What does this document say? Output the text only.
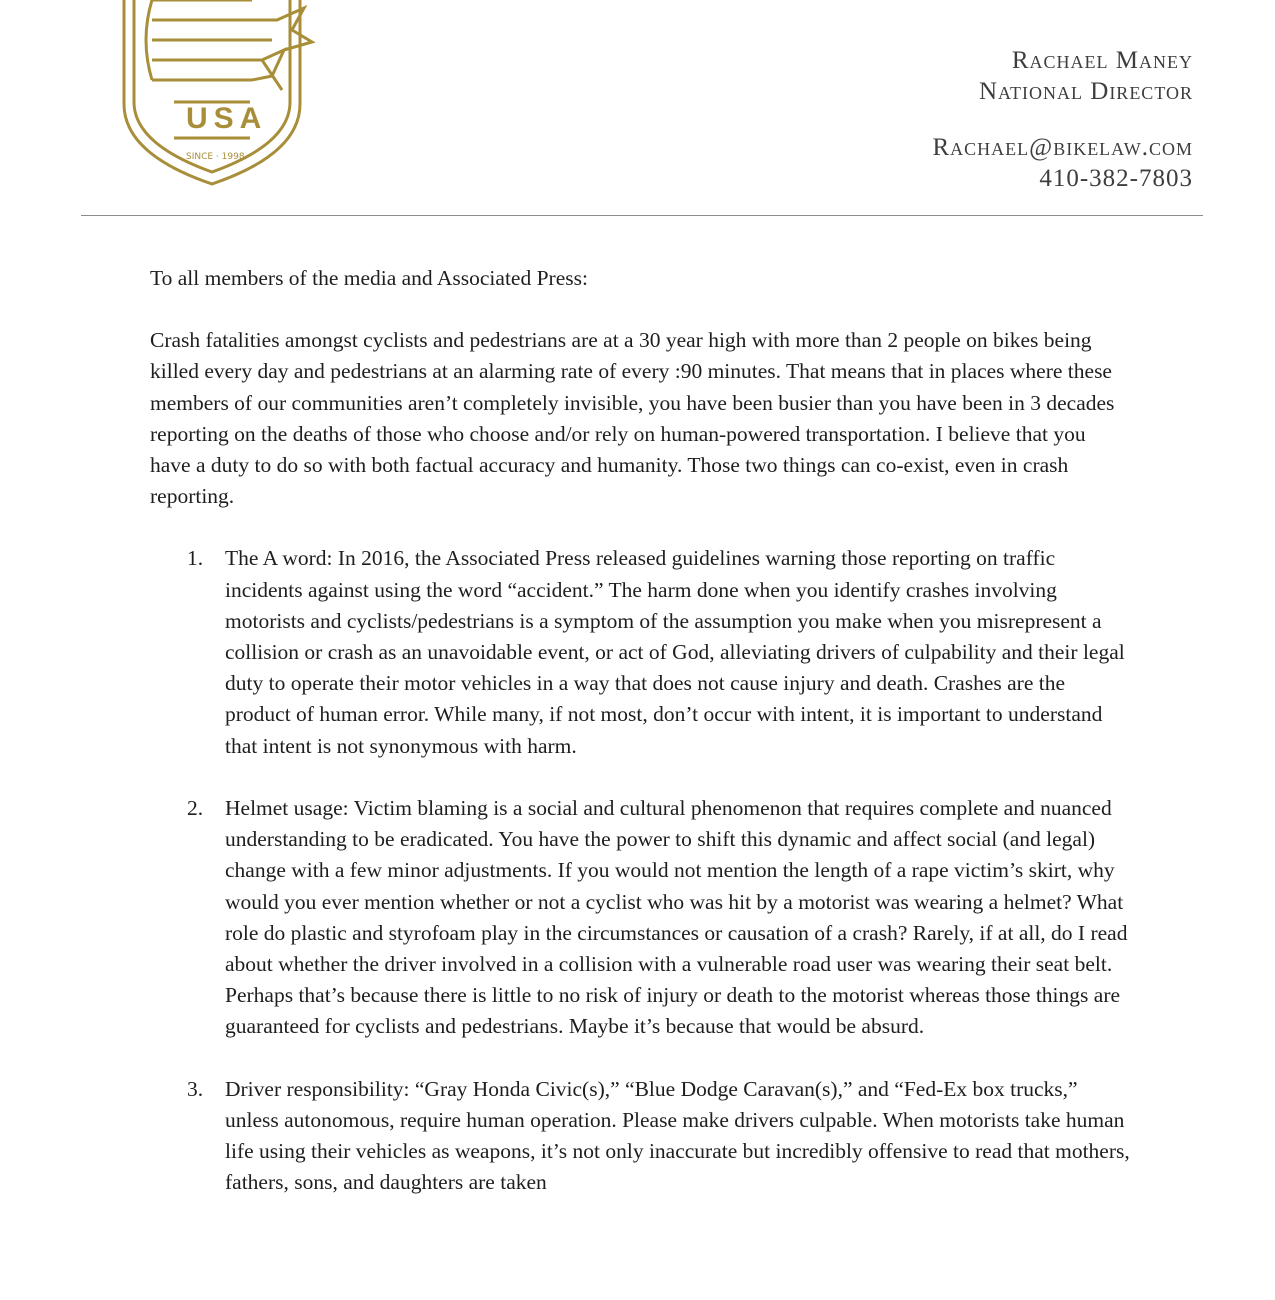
USA
SINCE · 1998
Rachael Maney
National Director
Rachael@bikelaw.com
410-382-7803

To all members of the media and Associated Press:

Crash fatalities amongst cyclists and pedestrians are at a 30 year high with more than 2 people on bikes being killed every day and pedestrians at an alarming rate of every :90 minutes. That means that in places where these members of our communities aren’t completely invisible, you have been busier than you have been in 3 decades reporting on the deaths of those who choose and/or rely on human-powered transportation. I believe that you have a duty to do so with both factual accuracy and humanity. Those two things can co-exist, even in crash reporting.

1. The A word: In 2016, the Associated Press released guidelines warning those reporting on traffic incidents against using the word “accident.” The harm done when you identify crashes involving motorists and cyclists/pedestrians is a symptom of the assumption you make when you misrepresent a collision or crash as an unavoidable event, or act of God, alleviating drivers of culpability and their legal duty to operate their motor vehicles in a way that does not cause injury and death. Crashes are the product of human error. While many, if not most, don’t occur with intent, it is important to understand that intent is not synonymous with harm.
2. Helmet usage: Victim blaming is a social and cultural phenomenon that requires complete and nuanced understanding to be eradicated. You have the power to shift this dynamic and affect social (and legal) change with a few minor adjustments. If you would not mention the length of a rape victim’s skirt, why would you ever mention whether or not a cyclist who was hit by a motorist was wearing a helmet? What role do plastic and styrofoam play in the circumstances or causation of a crash? Rarely, if at all, do I read about whether the driver involved in a collision with a vulnerable road user was wearing their seat belt. Perhaps that’s because there is little to no risk of injury or death to the motorist whereas those things are guaranteed for cyclists and pedestrians. Maybe it’s because that would be absurd.
3. Driver responsibility: “Gray Honda Civic(s),” “Blue Dodge Caravan(s),” and “Fed-Ex box trucks,” unless autonomous, require human operation. Please make drivers culpable. When motorists take human life using their vehicles as weapons, it’s not only inaccurate but incredibly offensive to read that mothers, fathers, sons, and daughters are taken
